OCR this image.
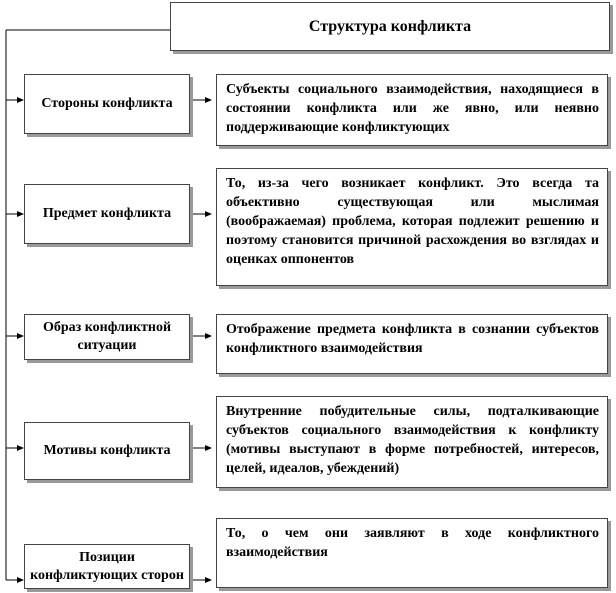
Структура конфликта
Стороны конфликта
Субъекты социального взаимодействия, находящиеся в состоянии конфликта или же явно, или неявно поддерживающие конфликтующих
Предмет конфликта
То, из-за чего возникает конфликт. Это всегда та объективно существующая или мыслимая (воображаемая) проблема, которая подлежит решению и поэтому становится причиной расхождения во взглядах и оценках оппонентов
Образ конфликтной ситуации
Отображение предмета конфликта в сознании субъектов конфликтного взаимодействия
Мотивы конфликта
Внутренние побудительные силы, подталкивающие субъектов социального взаимодействия к конфликту (мотивы выступают в форме потребностей, интересов, целей, идеалов, убеждений)
Позиции конфликтующих сторон
То, о чем они заявляют в ходе конфликтного взаимодействия
